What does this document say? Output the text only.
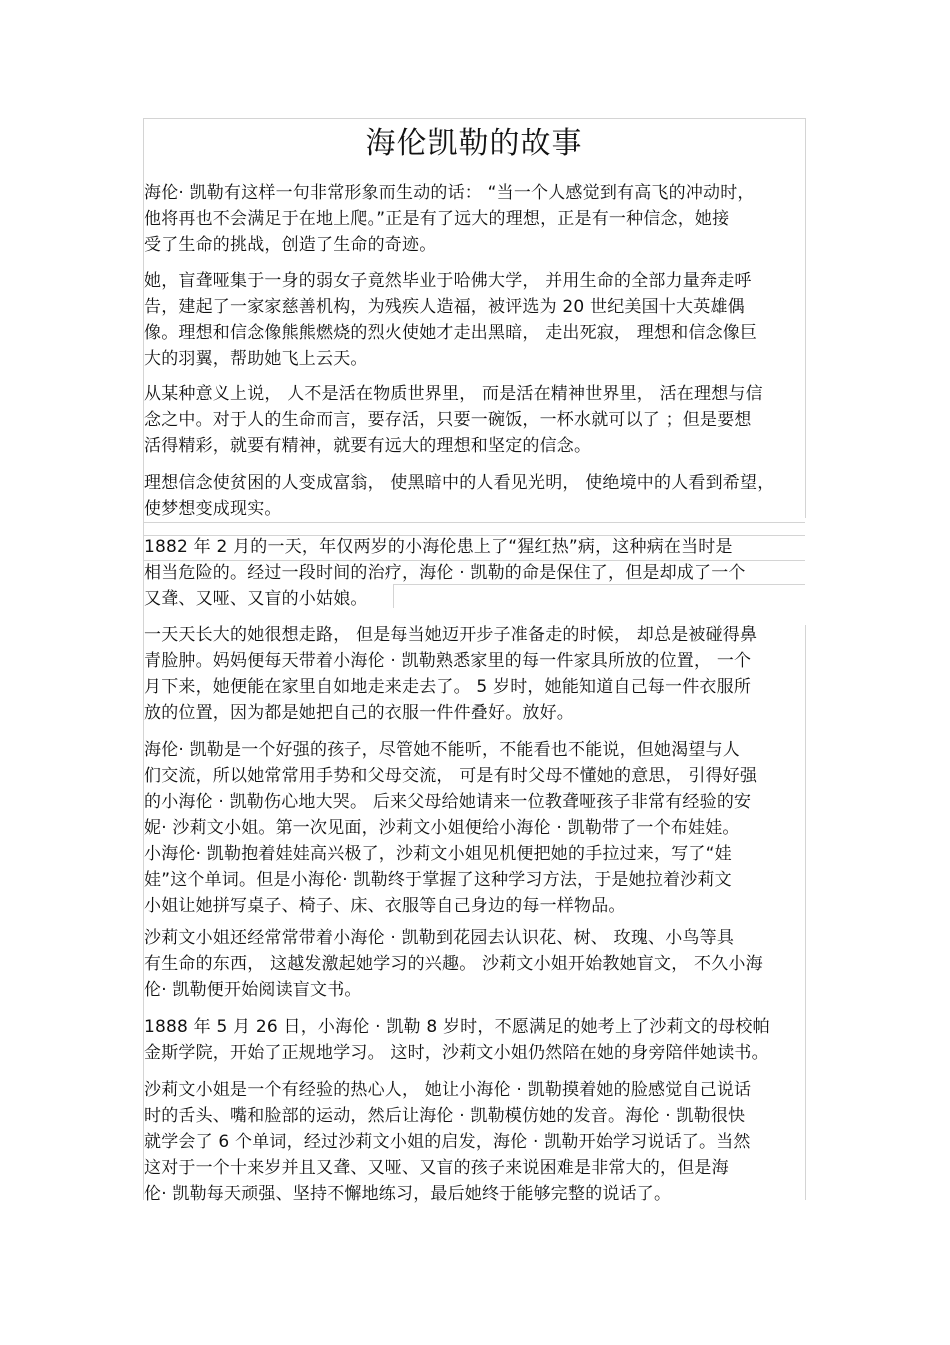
海伦凯勒的故事

海伦· 凯勒有这样一句非常形象而生动的话： “当一个人感觉到有高飞的冲动时，
他将再也不会满足于在地上爬。”正是有了远大的理想，正是有一种信念，她接
受了生命的挑战，创造了生命的奇迹。

她，盲聋哑集于一身的弱女子竟然毕业于哈佛大学， 并用生命的全部力量奔走呼
告，建起了一家家慈善机构，为残疾人造福，被评选为 20 世纪美国十大英雄偶
像。理想和信念像熊熊燃烧的烈火使她才走出黑暗， 走出死寂， 理想和信念像巨
大的羽翼，帮助她飞上云天。

从某种意义上说， 人不是活在物质世界里， 而是活在精神世界里， 活在理想与信
念之中。对于人的生命而言，要存活，只要一碗饭，一杯水就可以了 ；但是要想
活得精彩，就要有精神，就要有远大的理想和坚定的信念。

理想信念使贫困的人变成富翁， 使黑暗中的人看见光明， 使绝境中的人看到希望，
使梦想变成现实。

1882 年 2 月的一天，年仅两岁的小海伦患上了“猩红热”病，这种病在当时是
相当危险的。经过一段时间的治疗，海伦 · 凯勒的命是保住了，但是却成了一个
又聋、又哑、又盲的小姑娘。

一天天长大的她很想走路， 但是每当她迈开步子准备走的时候， 却总是被碰得鼻
青脸肿。妈妈便每天带着小海伦 · 凯勒熟悉家里的每一件家具所放的位置， 一个
月下来，她便能在家里自如地走来走去了。 5 岁时，她能知道自己每一件衣服所
放的位置，因为都是她把自己的衣服一件件叠好。放好。

海伦· 凯勒是一个好强的孩子，尽管她不能听，不能看也不能说，但她渴望与人
们交流，所以她常常用手势和父母交流， 可是有时父母不懂她的意思， 引得好强
的小海伦 · 凯勒伤心地大哭。 后来父母给她请来一位教聋哑孩子非常有经验的安
妮· 沙莉文小姐。第一次见面，沙莉文小姐便给小海伦 · 凯勒带了一个布娃娃。
小海伦· 凯勒抱着娃娃高兴极了，沙莉文小姐见机便把她的手拉过来，写了“娃
娃”这个单词。但是小海伦· 凯勒终于掌握了这种学习方法，于是她拉着沙莉文
小姐让她拼写桌子、椅子、床、衣服等自己身边的每一样物品。

沙莉文小姐还经常常带着小海伦 · 凯勒到花园去认识花、树、 玫瑰、小鸟等具
有生命的东西， 这越发激起她学习的兴趣。 沙莉文小姐开始教她盲文， 不久小海
伦· 凯勒便开始阅读盲文书。

1888 年 5 月 26 日，小海伦 · 凯勒 8 岁时，不愿满足的她考上了沙莉文的母校帕
金斯学院，开始了正规地学习。 这时，沙莉文小姐仍然陪在她的身旁陪伴她读书。

沙莉文小姐是一个有经验的热心人， 她让小海伦 · 凯勒摸着她的脸感觉自己说话
时的舌头、嘴和脸部的运动，然后让海伦 · 凯勒模仿她的发音。海伦 · 凯勒很快
就学会了 6 个单词，经过沙莉文小姐的启发，海伦 · 凯勒开始学习说话了。当然
这对于一个十来岁并且又聋、又哑、又盲的孩子来说困难是非常大的，但是海
伦· 凯勒每天顽强、坚持不懈地练习，最后她终于能够完整的说话了。
